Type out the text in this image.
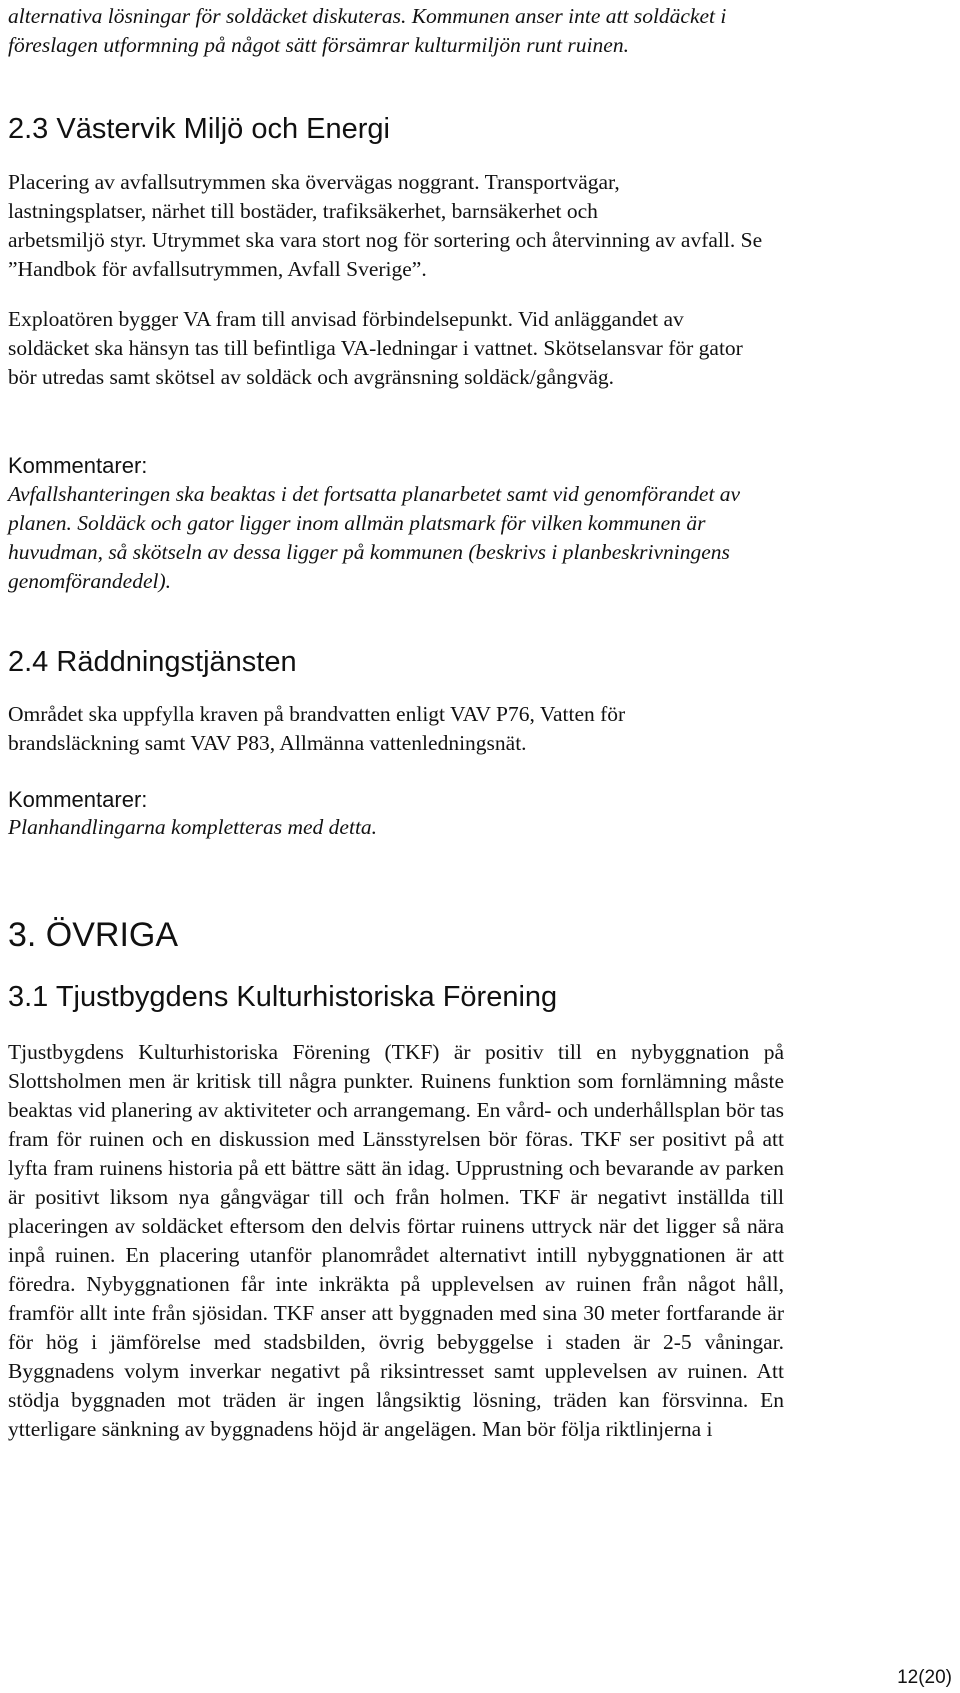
alternativa lösningar för soldäcket diskuteras. Kommunen anser inte att soldäcket i föreslagen utformning på något sätt försämrar kulturmiljön runt ruinen.

2.3 Västervik Miljö och Energi
Placering av avfallsutrymmen ska övervägas noggrant. Transportvägar,
lastningsplatser, närhet till bostäder, trafiksäkerhet, barnsäkerhet och

arbetsmiljö styr. Utrymmet ska vara stort nog för sortering och återvinning av avfall. Se ”Handbok för avfallsutrymmen, Avfall Sverige”.

Exploatören bygger VA fram till anvisad förbindelsepunkt. Vid anläggandet av soldäcket ska hänsyn tas till befintliga VA-ledningar i vattnet. Skötselansvar för gator bör utredas samt skötsel av soldäck och avgränsning soldäck/gångväg.

Kommentarer:

Avfallshanteringen ska beaktas i det fortsatta planarbetet samt vid genomförandet av planen. Soldäck och gator ligger inom allmän platsmark för vilken kommunen är huvudman, så skötseln av dessa ligger på kommunen (beskrivs i planbeskrivningens genomförandedel).

2.4 Räddningstjänsten

Området ska uppfylla kraven på brandvatten enligt VAV P76, Vatten för brandsläckning samt VAV P83, Allmänna vattenledningsnät.

Kommentarer:

Planhandlingarna kompletteras med detta.

3. ÖVRIGA
3.1 Tjustbygdens Kulturhistoriska Förening

Tjustbygdens Kulturhistoriska Förening (TKF) är positiv till en nybyggnation på Slottsholmen men är kritisk till några punkter. Ruinens funktion som fornlämning måste beaktas vid planering av aktiviteter och arrangemang. En vård- och underhållsplan bör tas fram för ruinen och en diskussion med Länsstyrelsen bör föras. TKF ser positivt på att lyfta fram ruinens historia på ett bättre sätt än idag. Upprustning och bevarande av parken är positivt liksom nya gångvägar till och från holmen. TKF är negativt inställda till placeringen av soldäcket eftersom den delvis förtar ruinens uttryck när det ligger så nära inpå ruinen. En placering utanför planområdet alternativt intill nybyggnationen är att föredra. Nybyggnationen får inte inkräkta på upplevelsen av ruinen från något håll, framför allt inte från sjösidan. TKF anser att byggnaden med sina 30 meter fortfarande är för hög i jämförelse med stadsbilden, övrig bebyggelse i staden är 2-5 våningar. Byggnadens volym inverkar negativt på riksintresset samt upplevelsen av ruinen. Att stödja byggnaden mot träden är ingen långsiktig lösning, träden kan försvinna. En ytterligare sänkning av byggnadens höjd är angelägen. Man bör följa riktlinjerna i

12(20)
